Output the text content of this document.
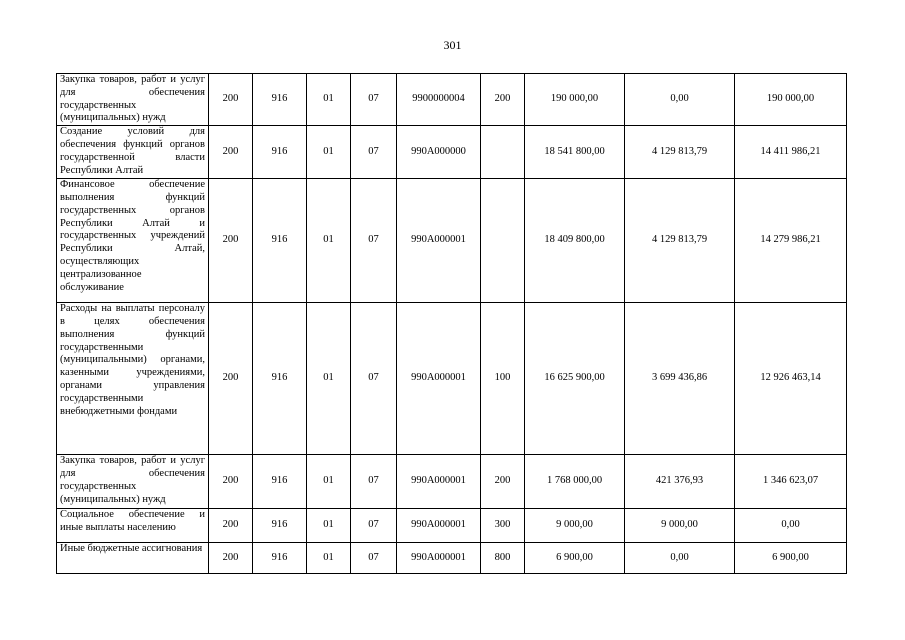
301
Закупка товаров, работ и услуг для обеспечения государственных (муниципальных) нужд	200	916	01	07	9900000004	200	190 000,00	0,00	190 000,00
Создание условий для обеспечения функций органов государственной власти Республики Алтай	200	916	01	07	990A000000		18 541 800,00	4 129 813,79	14 411 986,21
Финансовое обеспечение выполнения функций государственных органов Республики Алтай и государственных учреждений Республики Алтай, осуществляющих централизованное обслуживание	200	916	01	07	990A000001		18 409 800,00	4 129 813,79	14 279 986,21
Расходы на выплаты персоналу в целях обеспечения выполнения функций государственными (муниципальными) органами, казенными учреждениями, органами управления государственными внебюджетными фондами	200	916	01	07	990A000001	100	16 625 900,00	3 699 436,86	12 926 463,14
Закупка товаров, работ и услуг для обеспечения государственных (муниципальных) нужд	200	916	01	07	990A000001	200	1 768 000,00	421 376,93	1 346 623,07
Социальное обеспечение и иные выплаты населению	200	916	01	07	990A000001	300	9 000,00	9 000,00	0,00
Иные бюджетные ассигнования	200	916	01	07	990A000001	800	6 900,00	0,00	6 900,00
